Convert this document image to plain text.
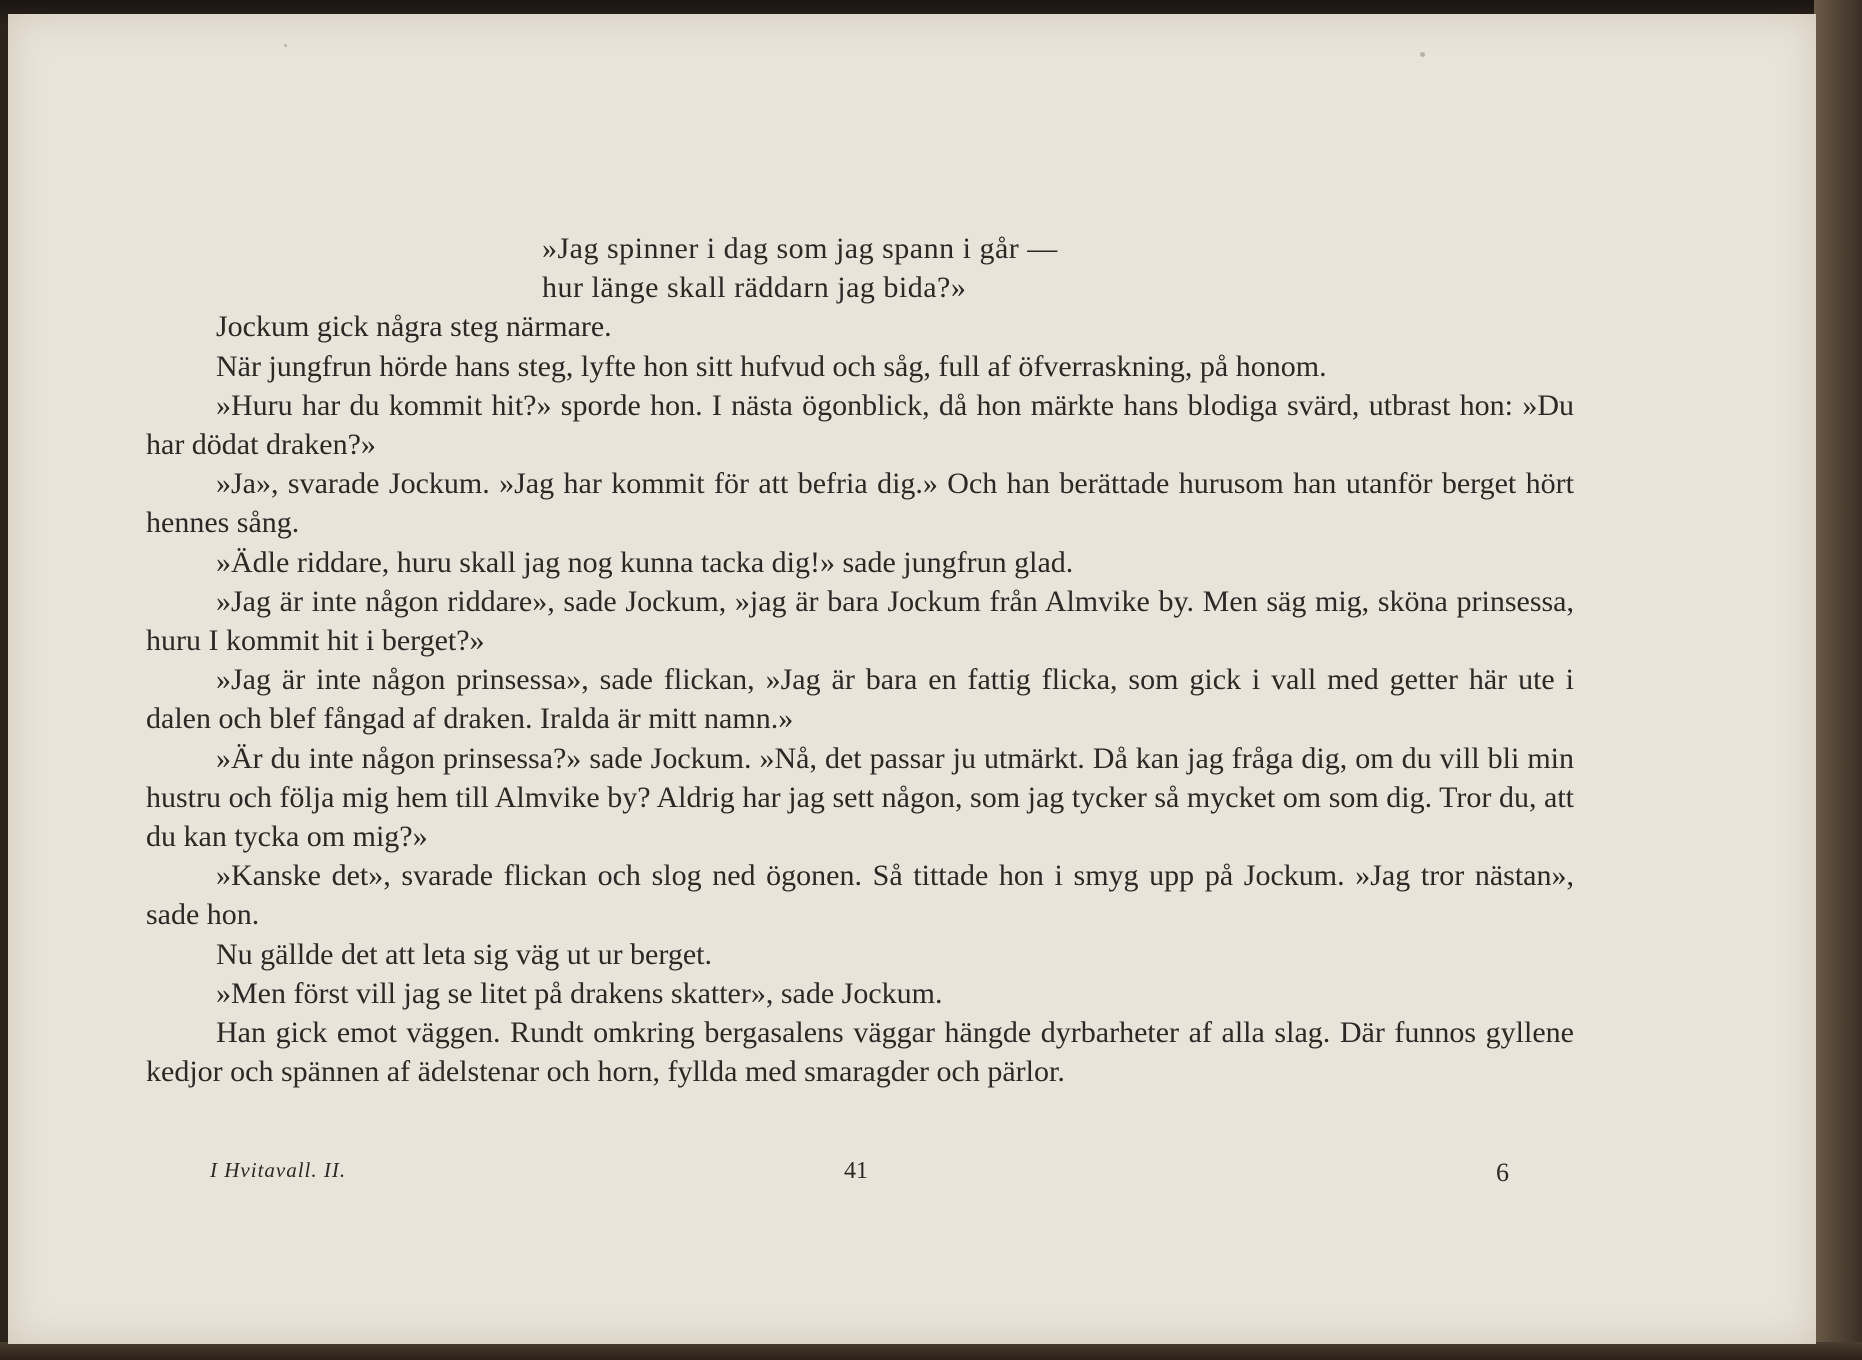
»Jag spinner i dag som jag spann i går —
hur länge skall räddarn jag bida?»

Jockum gick några steg närmare.

När jungfrun hörde hans steg, lyfte hon sitt hufvud och såg, full af öfverraskning, på honom.

»Huru har du kommit hit?» sporde hon. I nästa ögonblick, då hon märkte hans blodiga svärd, utbrast hon: »Du har dödat draken?»

»Ja», svarade Jockum. »Jag har kommit för att befria dig.» Och han berättade hurusom han utanför berget hört hennes sång.

»Ädle riddare, huru skall jag nog kunna tacka dig!» sade jungfrun glad.

»Jag är inte någon riddare», sade Jockum, »jag är bara Jockum från Almvike by. Men säg mig, sköna prinsessa, huru I kommit hit i berget?»

»Jag är inte någon prinsessa», sade flickan, »Jag är bara en fattig flicka, som gick i vall med getter här ute i dalen och blef fångad af draken. Iralda är mitt namn.»

»Är du inte någon prinsessa?» sade Jockum. »Nå, det passar ju utmärkt. Då kan jag fråga dig, om du vill bli min hustru och följa mig hem till Almvike by? Aldrig har jag sett någon, som jag tycker så mycket om som dig. Tror du, att du kan tycka om mig?»

»Kanske det», svarade flickan och slog ned ögonen. Så tittade hon i smyg upp på Jockum. »Jag tror nästan», sade hon.

Nu gällde det att leta sig väg ut ur berget.

»Men först vill jag se litet på drakens skatter», sade Jockum.

Han gick emot väggen. Rundt omkring bergasalens väggar hängde dyrbarheter af alla slag. Där funnos gyllene kedjor och spännen af ädelstenar och horn, fyllda med smaragder och pärlor.

I Hvitavall. II.	41	6
